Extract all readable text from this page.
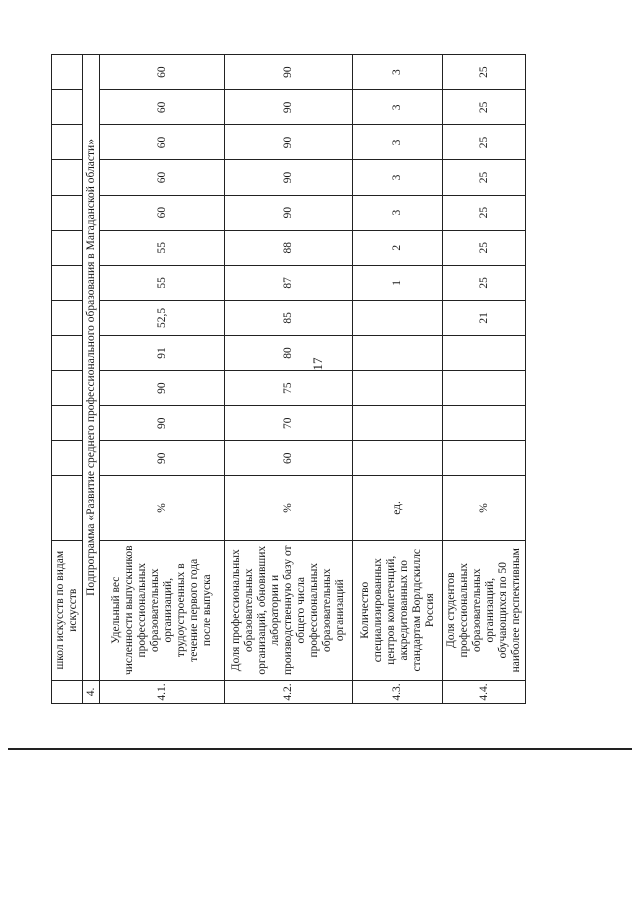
17
	школ искусств по видам искусств													
4.	Подпрограмма «Развитие среднего профессионального образования в Магаданской области»													
4.1.	Удельный вес численности выпускников профессиональных образовательных организаций, трудоустроенных в течение первого года после выпуска	%	90	90	90	91	52,5	55	55	60	60	60	60	60
4.2.	Доля профессиональных образовательных организаций, обновивших лаборатории и производственную базу от общего числа профессиональных образовательных организаций	%	60	70	75	80	85	87	88	90	90	90	90	90
4.3.	Количество специализированных центров компетенций, аккредитованных по стандартам Ворлдскиллс Россия	ед.						1	2	3	3	3	3	3
4.4.	Доля студентов профессиональных образовательных организаций, обучающихся по 50 наиболее перспективным	%					21	25	25	25	25	25	25	25
